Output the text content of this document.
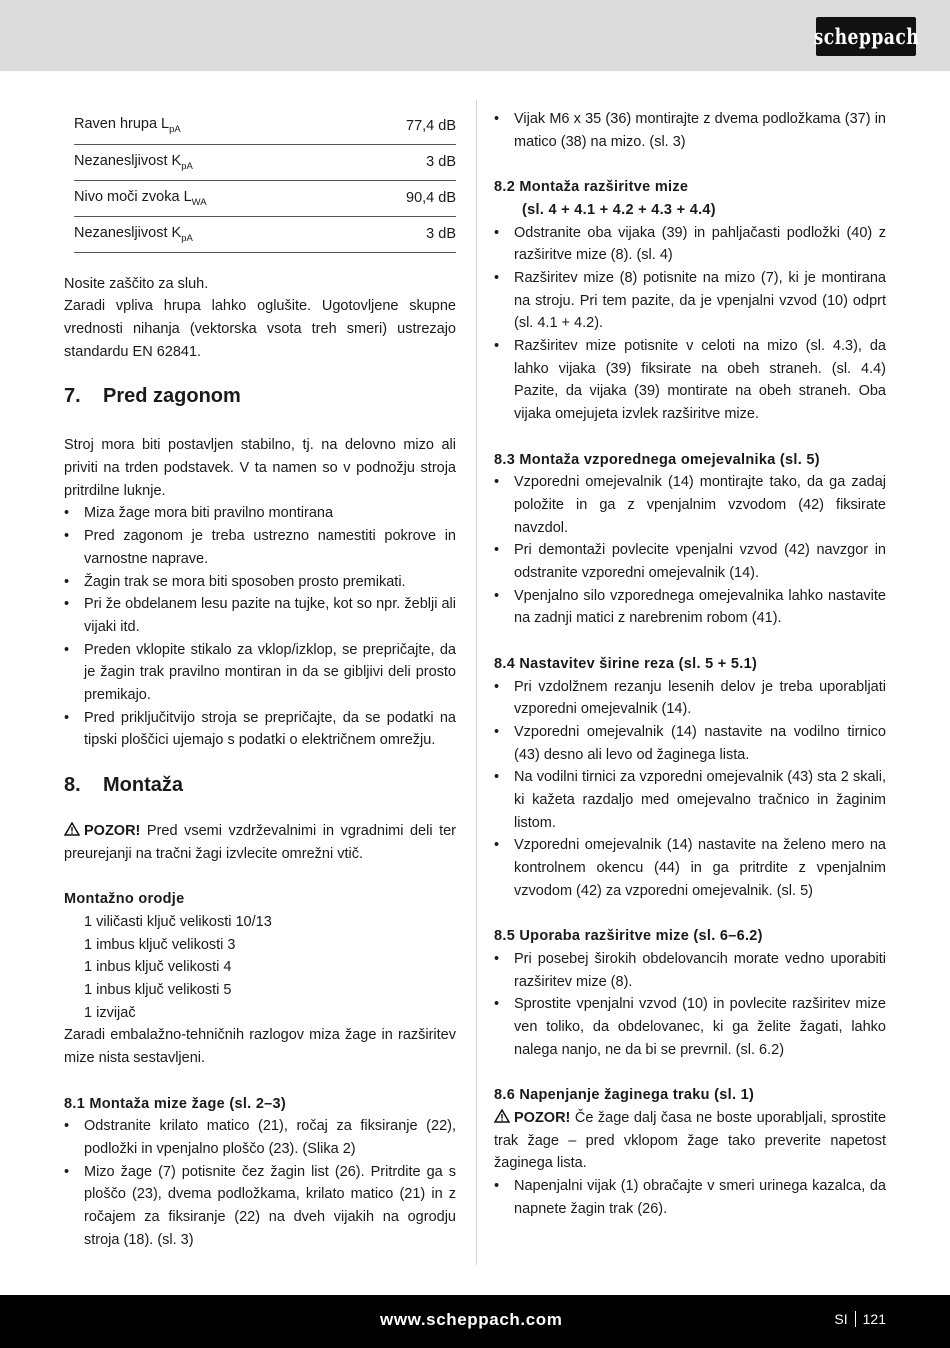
scheppach
Raven hrupa $L_{pA}$	77,4 dB
Nezanesljivost $K_{pA}$	3 dB
Nivo moči zvoka $L_{WA}$	90,4 dB
Nezanesljivost $K_{pA}$	3 dB
Nosite zaščito za sluh.
Zaradi vpliva hrupa lahko oglušite. Ugotovljene skupne vrednosti nihanja (vektorska vsota treh smeri) ustrezajo standardu EN 62841.
7.	Pred zagonom
Stroj mora biti postavljen stabilno, tj. na delovno mizo ali priviti na trden podstavek. V ta namen so v podnožju stroja pritrdilne luknje.
• Miza žage mora biti pravilno montirana
• Pred zagonom je treba ustrezno namestiti pokrove in varnostne naprave.
• Žagin trak se mora biti sposoben prosto premikati.
• Pri že obdelanem lesu pazite na tujke, kot so npr. žeblji ali vijaki itd.
• Preden vklopite stikalo za vklop/izklop, se prepričajte, da je žagin trak pravilno montiran in da se gibljivi deli prosto premikajo.
• Pred priključitvijo stroja se prepričajte, da se podatki na tipski ploščici ujemajo s podatki o električnem omrežju.
8.	Montaža
POZOR! Pred vsemi vzdrževalnimi in vgradnimi deli ter preurejanji na tračni žagi izvlecite omrežni vtič.
Montažno orodje
1 viličasti ključ velikosti 10/13
1 imbus ključ velikosti 3
1 inbus ključ velikosti 4
1 inbus ključ velikosti 5
1 izvijač
Zaradi embalažno-tehničnih razlogov miza žage in razširitev mize nista sestavljeni.
8.1 Montaža mize žage (sl. 2–3)
• Odstranite krilato matico (21), ročaj za fiksiranje (22), podložki in vpenjalno ploščo (23). (Slika 2)
• Mizo žage (7) potisnite čez žagin list (26). Pritrdite ga s ploščo (23), dvema podložkama, krilato matico (21) in z ročajem za fiksiranje (22) na dveh vijakih na ogrodju stroja (18). (sl. 3)
• Vijak M6 x 35 (36) montirajte z dvema podložkama (37) in matico (38) na mizo. (sl. 3)
8.2 Montaža razširitve mize
(sl. 4 + 4.1 + 4.2 + 4.3 + 4.4)
• Odstranite oba vijaka (39) in pahljačasti podložki (40) z razširitve mize (8). (sl. 4)
• Razširitev mize (8) potisnite na mizo (7), ki je montirana na stroju. Pri tem pazite, da je vpenjalni vzvod (10) odprt (sl. 4.1 + 4.2).
• Razširitev mize potisnite v celoti na mizo (sl. 4.3), da lahko vijaka (39) fiksirate na obeh straneh. (sl. 4.4) Pazite, da vijaka (39) montirate na obeh straneh. Oba vijaka omejujeta izvlek razširitve mize.
8.3 Montaža vzporednega omejevalnika (sl. 5)
• Vzporedni omejevalnik (14) montirajte tako, da ga zadaj položite in ga z vpenjalnim vzvodom (42) fiksirate navzdol.
• Pri demontaži povlecite vpenjalni vzvod (42) navzgor in odstranite vzporedni omejevalnik (14).
• Vpenjalno silo vzporednega omejevalnika lahko nastavite na zadnji matici z narebrenim robom (41).
8.4 Nastavitev širine reza (sl. 5 + 5.1)
• Pri vzdolžnem rezanju lesenih delov je treba uporabljati vzporedni omejevalnik (14).
• Vzporedni omejevalnik (14) nastavite na vodilno tirnico (43) desno ali levo od žaginega lista.
• Na vodilni tirnici za vzporedni omejevalnik (43) sta 2 skali, ki kažeta razdaljo med omejevalno tračnico in žaginim listom.
• Vzporedni omejevalnik (14) nastavite na želeno mero na kontrolnem okencu (44) in ga pritrdite z vpenjalnim vzvodom (42) za vzporedni omejevalnik. (sl. 5)
8.5 Uporaba razširitve mize (sl. 6–6.2)
• Pri posebej širokih obdelovancih morate vedno uporabiti razširitev mize (8).
• Sprostite vpenjalni vzvod (10) in povlecite razširitev mize ven toliko, da obdelovanec, ki ga želite žagati, lahko nalega nanjo, ne da bi se prevrnil. (sl. 6.2)
8.6 Napenjanje žaginega traku (sl. 1)
POZOR! Če žage dalj časa ne boste uporabljali, sprostite trak žage – pred vklopom žage tako preverite napetost žaginega lista.
• Napenjalni vijak (1) obračajte v smeri urinega kazalca, da napnete žagin trak (26).
www.scheppach.com	SI 121
